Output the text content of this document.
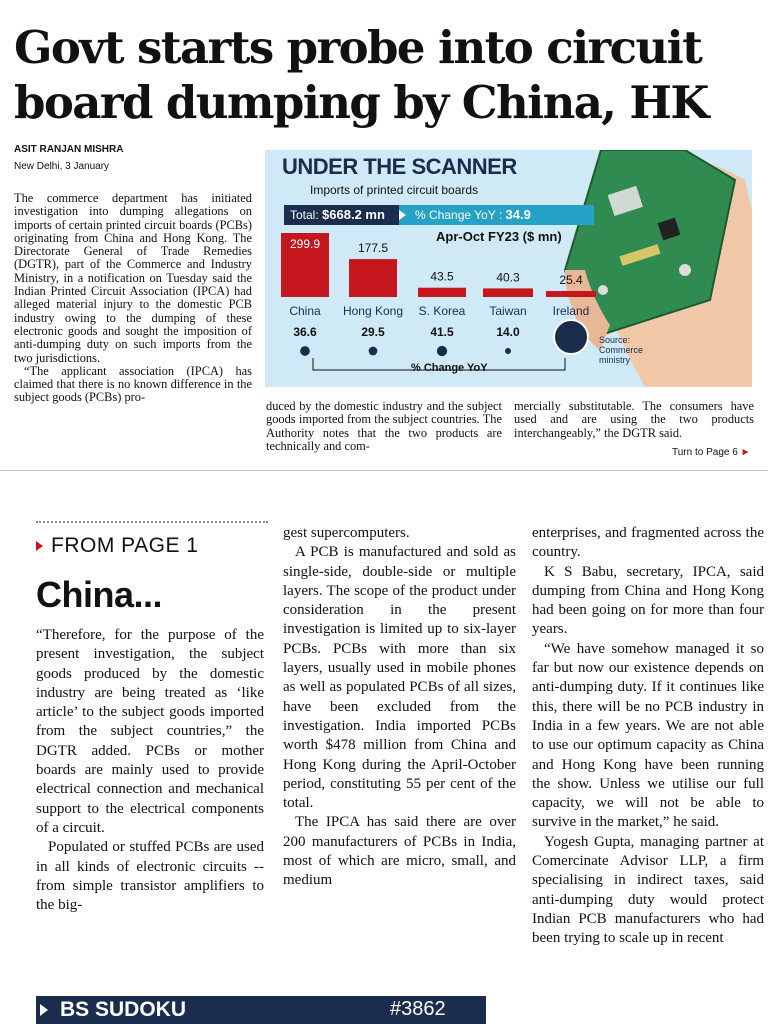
Govt starts probe into circuit board dumping by China, HK
ASIT RANJAN MISHRA
New Delhi, 3 January

The commerce department has initiated investigation into dumping allegations on imports of certain printed circuit boards (PCBs) originating from China and Hong Kong. The Directorate General of Trade Remedies (DGTR), part of the Commerce and Industry Ministry, in a notification on Tuesday said the Indian Printed Circuit Association (IPCA) had alleged material injury to the domestic PCB industry owing to the dumping of these electronic goods and sought the imposition of anti-dumping duty on such imports from the two jurisdictions.

“The applicant association (IPCA) has claimed that there is no known difference in the subject goods (PCBs) pro-

299.9	177.5
43.5	40.3	25.4
China Hong Kong S. Korea Taiwan Ireland
36.6	29.5	41.5	14.0
UNDER THE SCANNER
Imports of printed circuit boards
Total: $668.2 mn	% Change YoY : 34.9
Apr-Oct FY23 ($ mn)
Source:
Commerce
ministry
% Change YoY

duced by the domestic industry and the subject goods imported from the subject countries. The Authority notes that the two products are technically and com-

mercially substitutable. The consumers have used and are using the two products interchangeably,” the DGTR said.

Turn to Page 6 ►
FROM PAGE 1
China...

“Therefore, for the purpose of the present investigation, the subject goods produced by the domestic industry are being treated as ‘like article’ to the subject goods imported from the subject countries,” the DGTR added. PCBs or mother boards are mainly used to provide electrical connection and mechanical support to the electrical components of a circuit.

Populated or stuffed PCBs are used in all kinds of electronic circuits -- from simple transistor amplifiers to the big-

gest supercomputers.

A PCB is manufactured and sold as single-side, double-side or multiple layers. The scope of the product under consideration in the present investigation is limited up to six-layer PCBs. PCBs with more than six layers, usually used in mobile phones as well as populated PCBs of all sizes, have been excluded from the investigation. India imported PCBs worth $478 million from China and Hong Kong during the April-October period, constituting 55 per cent of the total.

The IPCA has said there are over 200 manufacturers of PCBs in India, most of which are micro, small, and medium

enterprises, and fragmented across the country.

K S Babu, secretary, IPCA, said dumping from China and Hong Kong had been going on for more than four years.

“We have somehow managed it so far but now our existence depends on anti-dumping duty. If it continues like this, there will be no PCB industry in India in a few years. We are not able to use our optimum capacity as China and Hong Kong have been running the show. Unless we utilise our full capacity, we will not be able to survive in the market,” he said.

Yogesh Gupta, managing partner at Comercinate Advisor LLP, a firm specialising in indirect taxes, said anti-dumping duty would protect Indian PCB manufacturers who had been trying to scale up in recent

BS SUDOKU	#3862
